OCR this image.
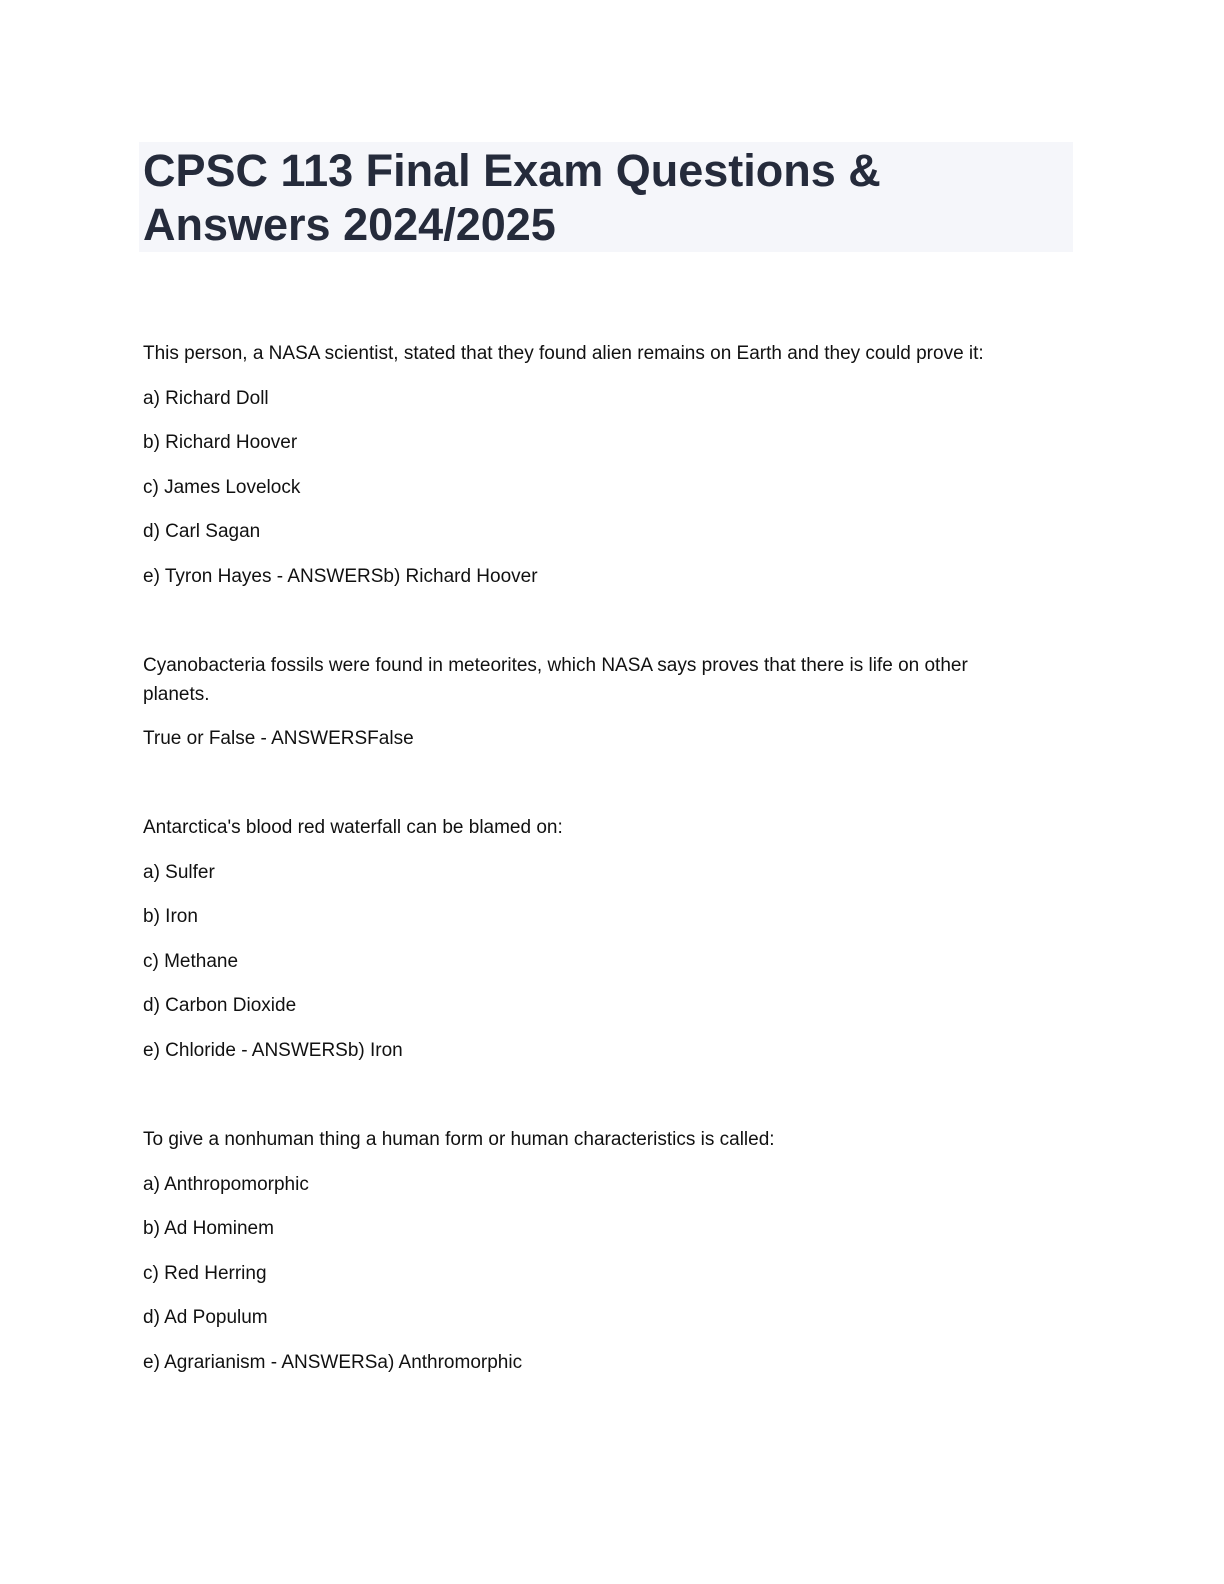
CPSC 113 Final Exam Questions &
Answers 2024/2025
This person, a NASA scientist, stated that they found alien remains on Earth and they could prove it:
a) Richard Doll
b) Richard Hoover
c) James Lovelock
d) Carl Sagan
e) Tyron Hayes - ANSWERSb) Richard Hoover
Cyanobacteria fossils were found in meteorites, which NASA says proves that there is life on other
planets.
True or False - ANSWERSFalse
Antarctica's blood red waterfall can be blamed on:
a) Sulfer
b) Iron
c) Methane
d) Carbon Dioxide
e) Chloride - ANSWERSb) Iron
To give a nonhuman thing a human form or human characteristics is called:
a) Anthropomorphic
b) Ad Hominem
c) Red Herring
d) Ad Populum
e) Agrarianism - ANSWERSa) Anthromorphic
